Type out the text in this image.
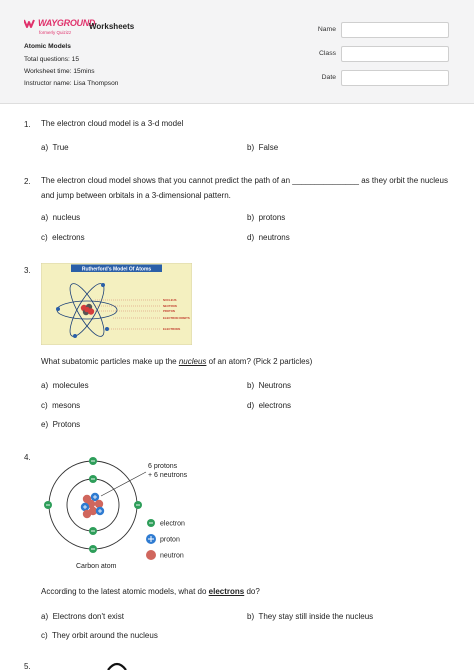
WAYGROUND
formerly Quizizz
Worksheets
Atomic Models
Total questions: 15
Worksheet time: 15mins
Instructor name: Lisa Thompson
Name
Class
Date
1. The electron cloud model is a 3-d model
a) True	b) False
2. The electron cloud model shows that you cannot predict the path of an _______________ as they orbit the nucleus
and jump between orbitals in a 3-dimensional pattern.
a) nucleus	b) protons
c) electrons	d) neutrons
3.	Rutherford's Model Of Atoms
NUCLEUS
NEUTRON
PROTON
ELECTRON ORBITS
ELECTRONS
What subatomic particles make up the nucleus of an atom? (Pick 2 particles)
a) molecules	b) Neutrons
c) mesons	d) electrons
e) Protons
4.
6 protons
+ 6 neutrons
electron
proton
neutron
Carbon atom
According to the latest atomic models, what do electrons do?
a) Electrons don't exist	b) They stay still inside the nucleus
c) They orbit around the nucleus
5.
